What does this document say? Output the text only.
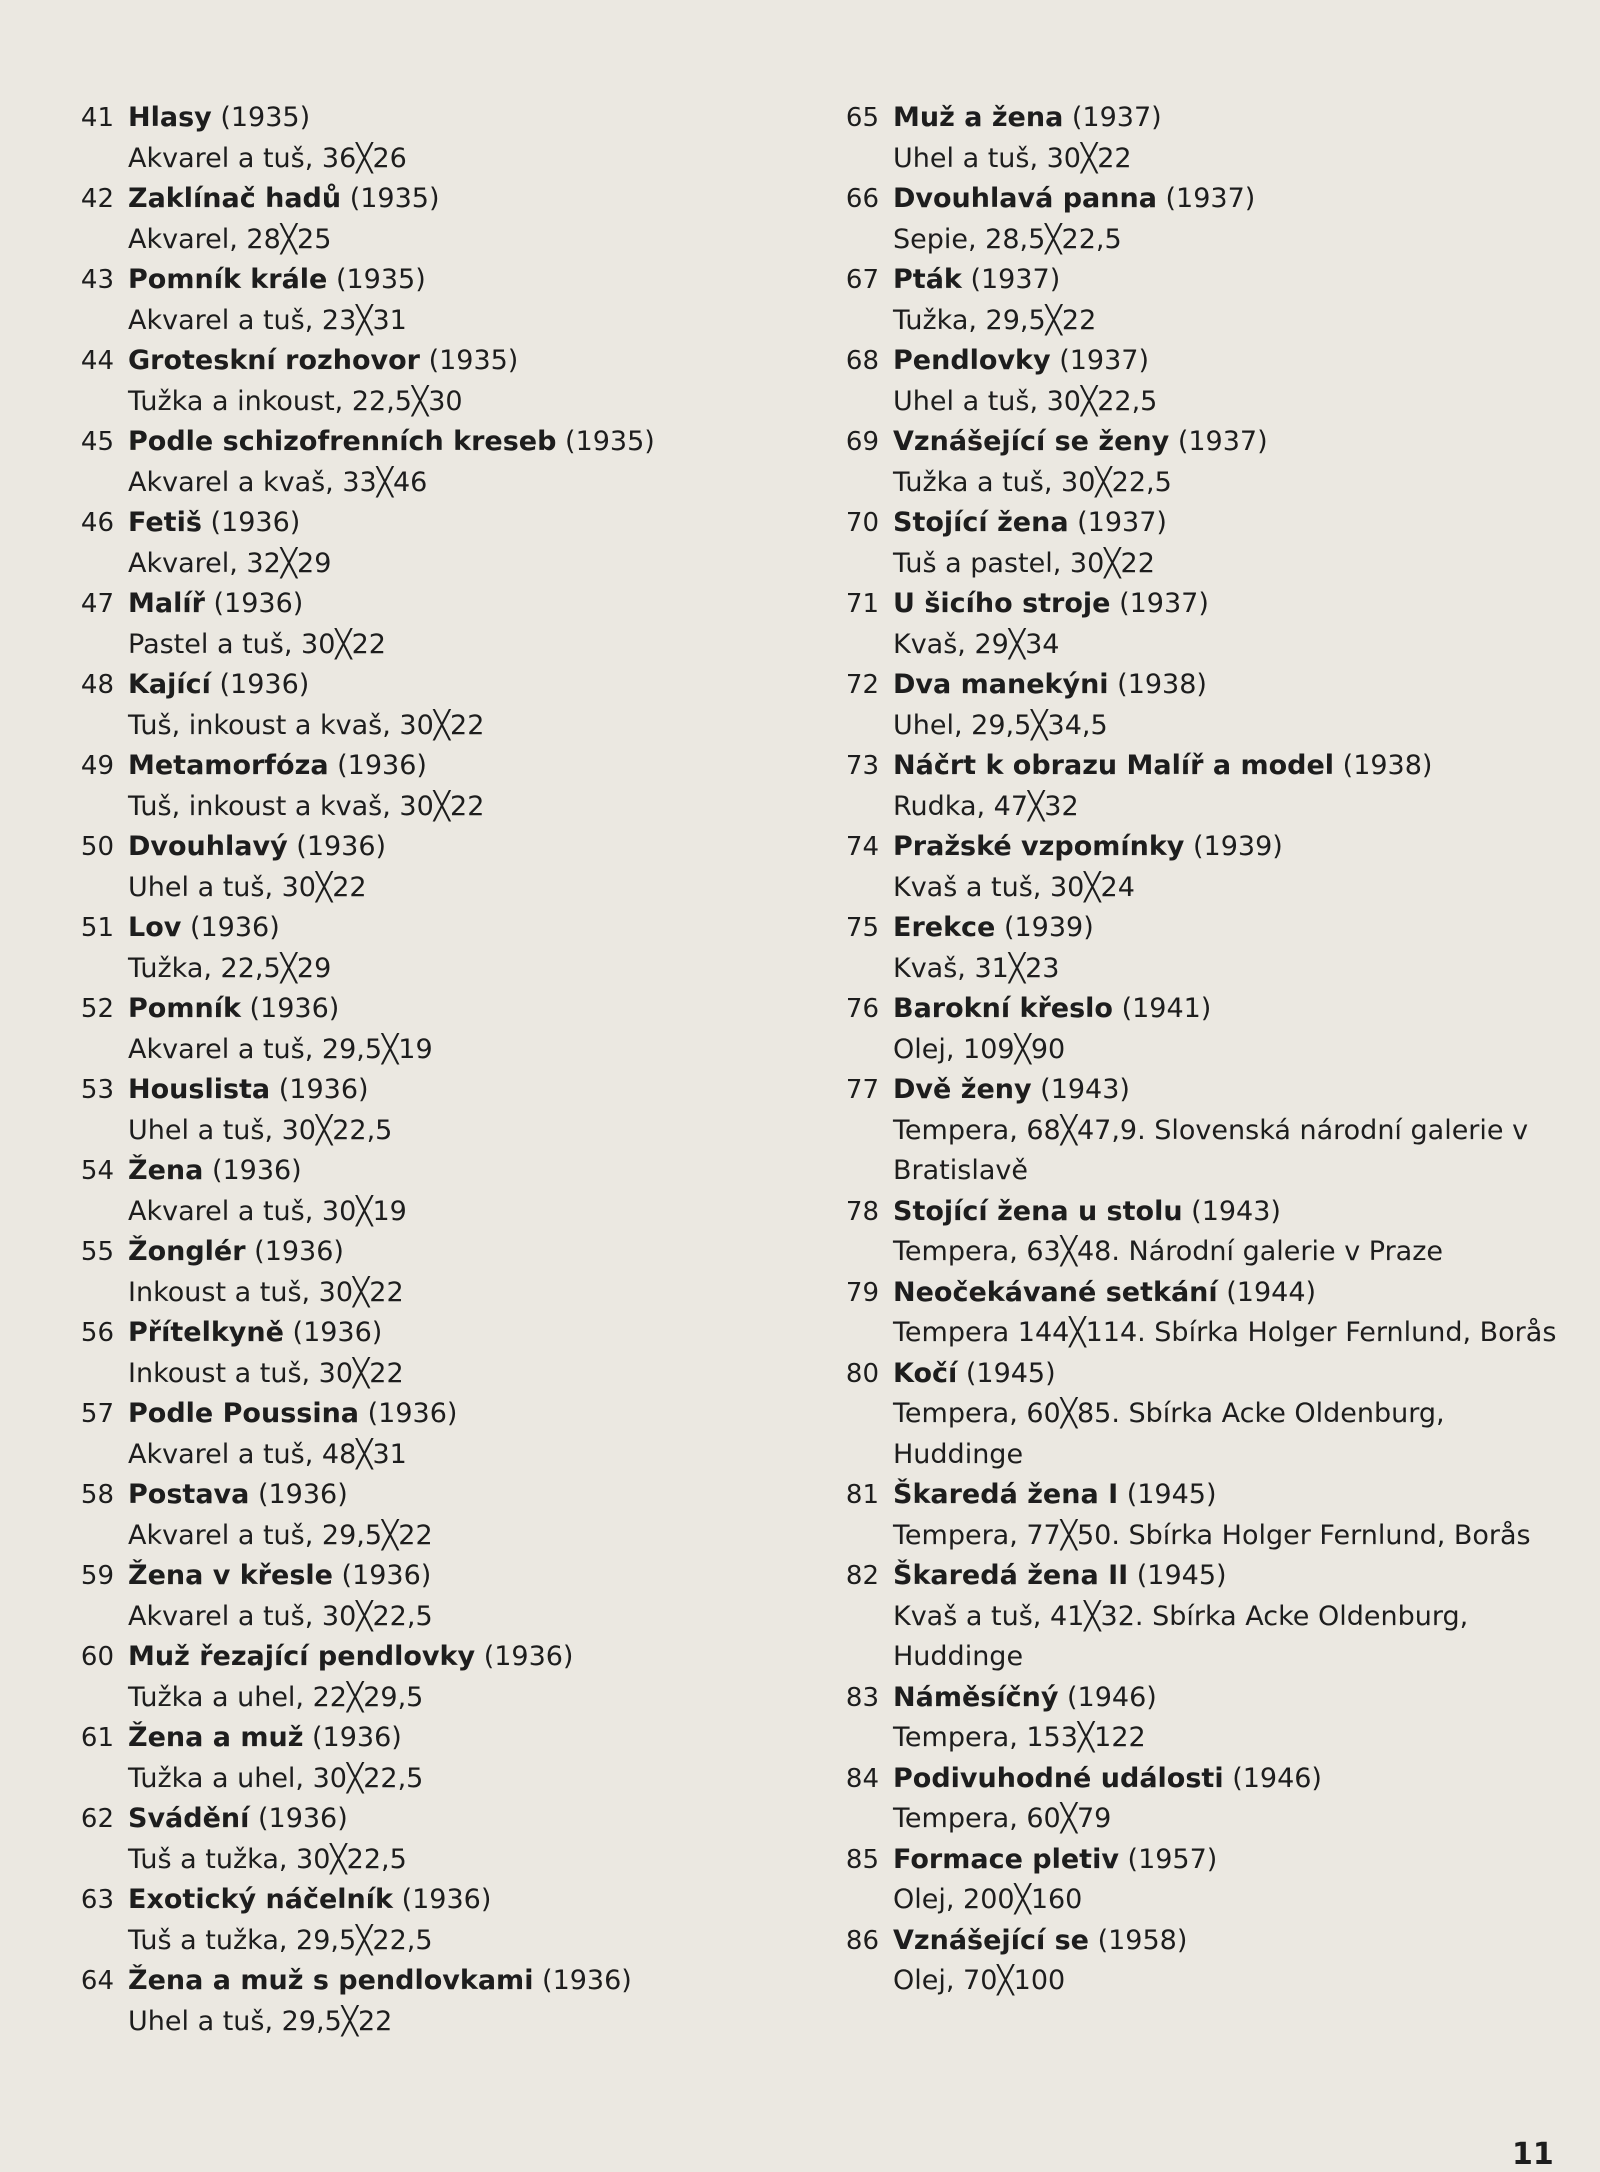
41 Hlasy (1935)
Akvarel a tuš, 36╳26
42 Zaklínač hadů (1935)
Akvarel, 28╳25
43 Pomník krále (1935)
Akvarel a tuš, 23╳31
44 Groteskní rozhovor (1935)
Tužka a inkoust, 22,5╳30
45 Podle schizofrenních kreseb (1935)
Akvarel a kvaš, 33╳46
46 Fetiš (1936)
Akvarel, 32╳29
47 Malíř (1936)
Pastel a tuš, 30╳22
48 Kající (1936)
Tuš, inkoust a kvaš, 30╳22
49 Metamorfóza (1936)
Tuš, inkoust a kvaš, 30╳22
50 Dvouhlavý (1936)
Uhel a tuš, 30╳22
51 Lov (1936)
Tužka, 22,5╳29
52 Pomník (1936)
Akvarel a tuš, 29,5╳19
53 Houslista (1936)
Uhel a tuš, 30╳22,5
54 Žena (1936)
Akvarel a tuš, 30╳19
55 Žonglér (1936)
Inkoust a tuš, 30╳22
56 Přítelkyně (1936)
Inkoust a tuš, 30╳22
57 Podle Poussina (1936)
Akvarel a tuš, 48╳31
58 Postava (1936)
Akvarel a tuš, 29,5╳22
59 Žena v křesle (1936)
Akvarel a tuš, 30╳22,5
60 Muž řezající pendlovky (1936)
Tužka a uhel, 22╳29,5
61 Žena a muž (1936)
Tužka a uhel, 30╳22,5
62 Svádění (1936)
Tuš a tužka, 30╳22,5
63 Exotický náčelník (1936)
Tuš a tužka, 29,5╳22,5
64 Žena a muž s pendlovkami (1936)
Uhel a tuš, 29,5╳22
65 Muž a žena (1937)
Uhel a tuš, 30╳22
66 Dvouhlavá panna (1937)
Sepie, 28,5╳22,5
67 Pták (1937)
Tužka, 29,5╳22
68 Pendlovky (1937)
Uhel a tuš, 30╳22,5
69 Vznášející se ženy (1937)
Tužka a tuš, 30╳22,5
70 Stojící žena (1937)
Tuš a pastel, 30╳22
71 U šicího stroje (1937)
Kvaš, 29╳34
72 Dva manekýni (1938)
Uhel, 29,5╳34,5
73 Náčrt k obrazu Malíř a model (1938)
Rudka, 47╳32
74 Pražské vzpomínky (1939)
Kvaš a tuš, 30╳24
75 Erekce (1939)
Kvaš, 31╳23
76 Barokní křeslo (1941)
Olej, 109╳90
77 Dvě ženy (1943)
Tempera, 68╳47,9. Slovenská národní galerie v Bratislavě
78 Stojící žena u stolu (1943)
Tempera, 63╳48. Národní galerie v Praze
79 Neočekávané setkání (1944)
Tempera 144╳114. Sbírka Holger Fernlund, Borås
80 Kočí (1945)
Tempera, 60╳85. Sbírka Acke Oldenburg, Huddinge
81 Škaredá žena I (1945)
Tempera, 77╳50. Sbírka Holger Fernlund, Borås
82 Škaredá žena II (1945)
Kvaš a tuš, 41╳32. Sbírka Acke Oldenburg, Huddinge
83 Náměsíčný (1946)
Tempera, 153╳122
84 Podivuhodné události (1946)
Tempera, 60╳79
85 Formace pletiv (1957)
Olej, 200╳160
86 Vznášející se (1958)
Olej, 70╳100
11
